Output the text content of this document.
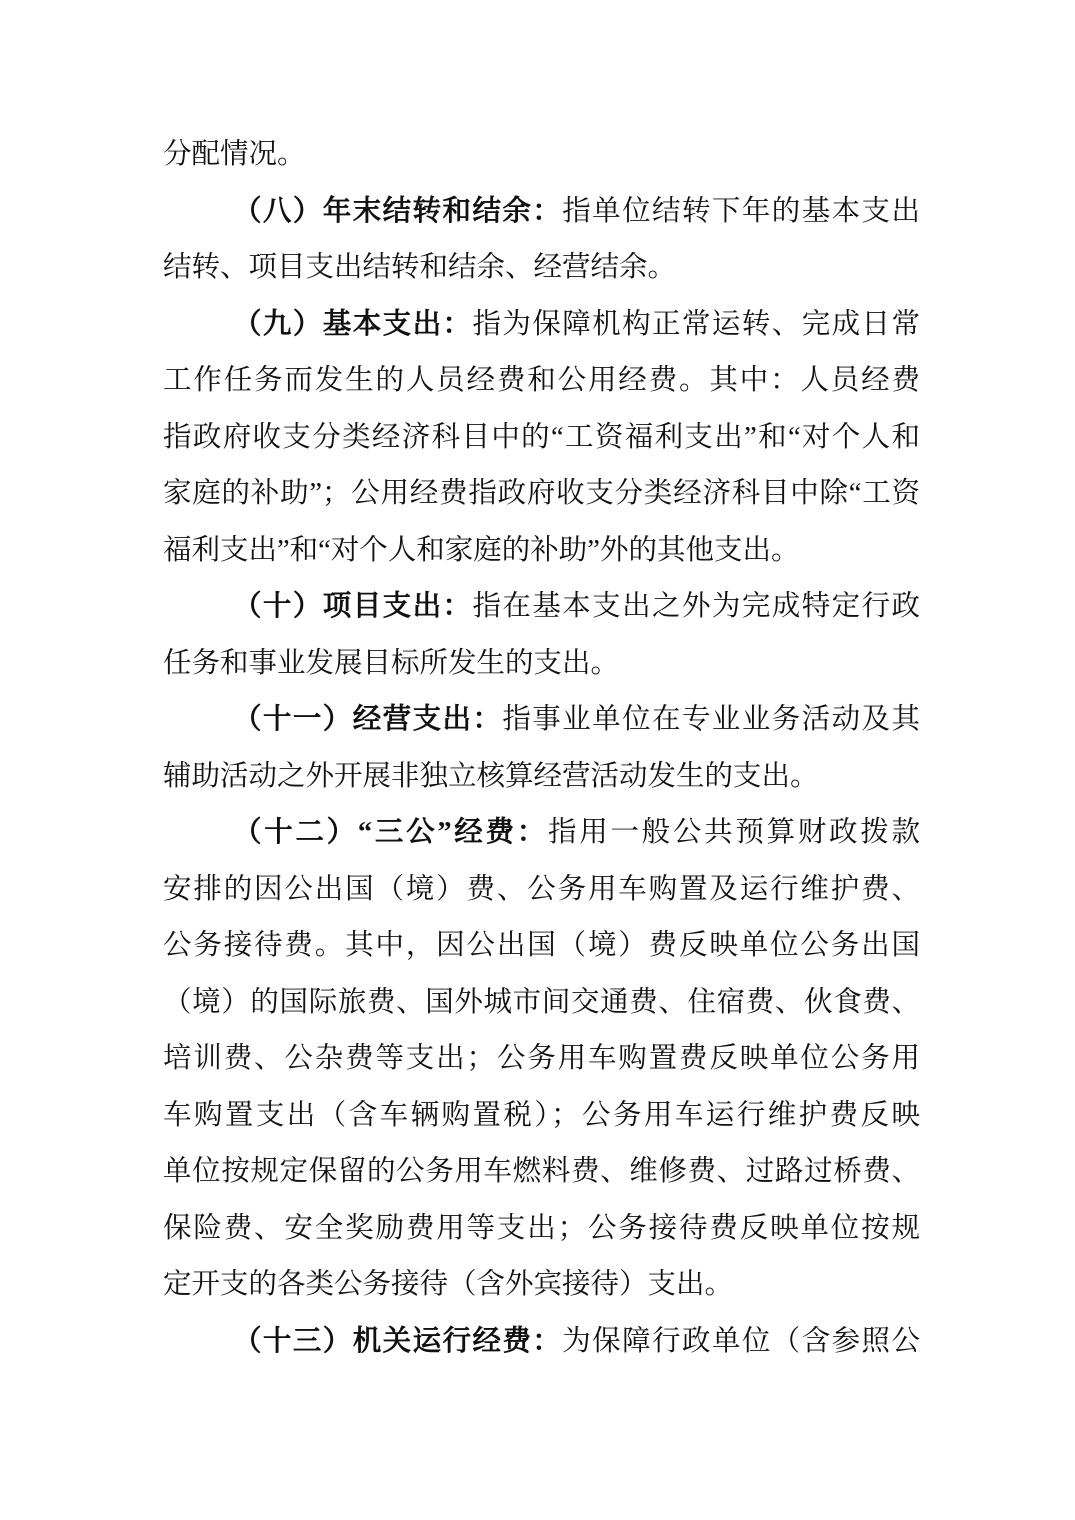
分配情况。

（八）年末结转和结余：指单位结转下年的基本支出

结转、项目支出结转和结余、经营结余。

（九）基本支出：指为保障机构正常运转、完成日常

工作任务而发生的人员经费和公用经费。其中：人员经费

指政府收支分类经济科目中的“工资福利支出”和“对个人和

家庭的补助”；公用经费指政府收支分类经济科目中除“工资

福利支出”和“对个人和家庭的补助”外的其他支出。

（十）项目支出：指在基本支出之外为完成特定行政

任务和事业发展目标所发生的支出。

（十一）经营支出：指事业单位在专业业务活动及其

辅助活动之外开展非独立核算经营活动发生的支出。

（十二）“三公”经费：指用一般公共预算财政拨款

安排的因公出国（境）费、公务用车购置及运行维护费、

公务接待费。其中，因公出国（境）费反映单位公务出国

（境）的国际旅费、国外城市间交通费、住宿费、伙食费、

培训费、公杂费等支出；公务用车购置费反映单位公务用

车购置支出（含车辆购置税）；公务用车运行维护费反映

单位按规定保留的公务用车燃料费、维修费、过路过桥费、

保险费、安全奖励费用等支出；公务接待费反映单位按规

定开支的各类公务接待（含外宾接待）支出。

（十三）机关运行经费：为保障行政单位（含参照公
